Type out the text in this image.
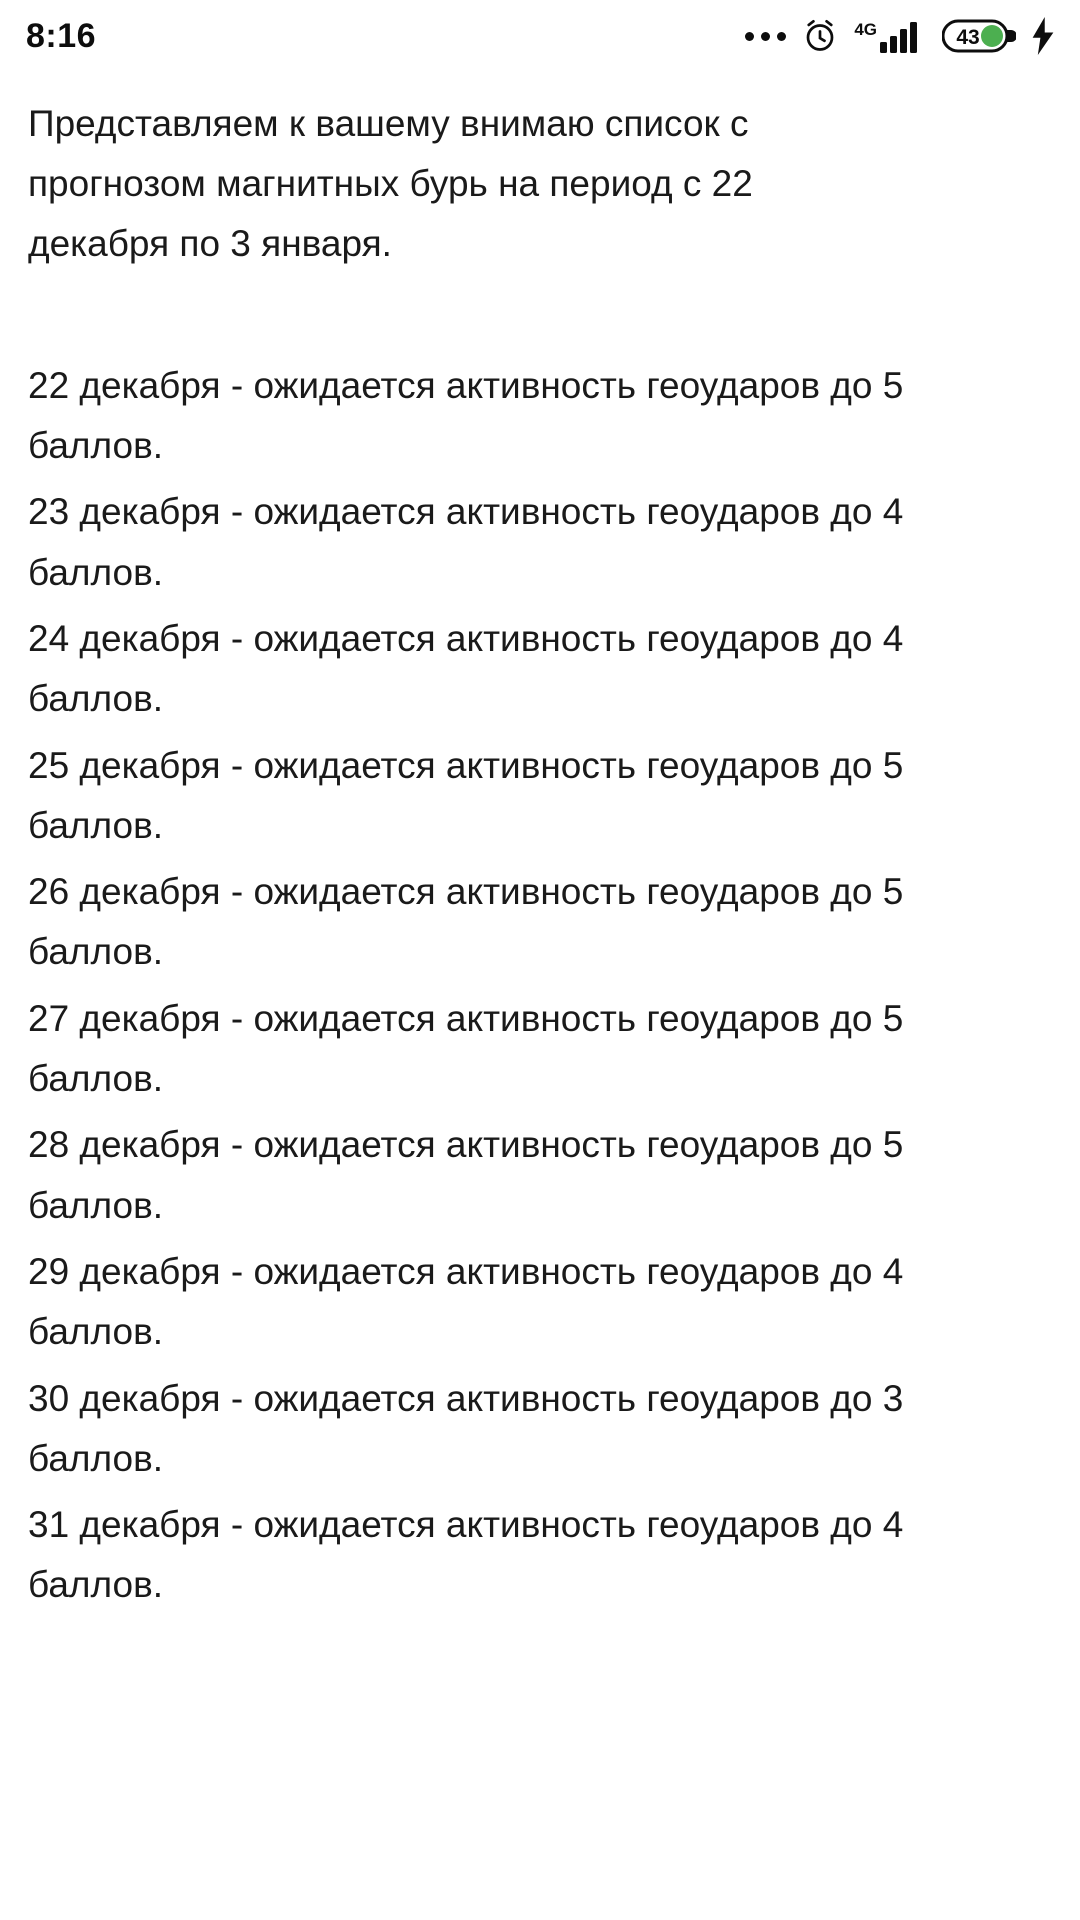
8:16	4G	43

Представляем к вашему внимаю список с прогнозом магнитных бурь на период с 22 декабря по 3 января.

22 декабря - ожидается активность геоударов до 5 баллов.
23 декабря - ожидается активность геоударов до 4 баллов.
24 декабря - ожидается активность геоударов до 4 баллов.
25 декабря - ожидается активность геоударов до 5 баллов.
26 декабря - ожидается активность геоударов до 5 баллов.
27 декабря - ожидается активность геоударов до 5 баллов.
28 декабря - ожидается активность геоударов до 5 баллов.
29 декабря - ожидается активность геоударов до 4 баллов.
30 декабря - ожидается активность геоударов до 3 баллов.
31 декабря - ожидается активность геоударов до 4 баллов.
